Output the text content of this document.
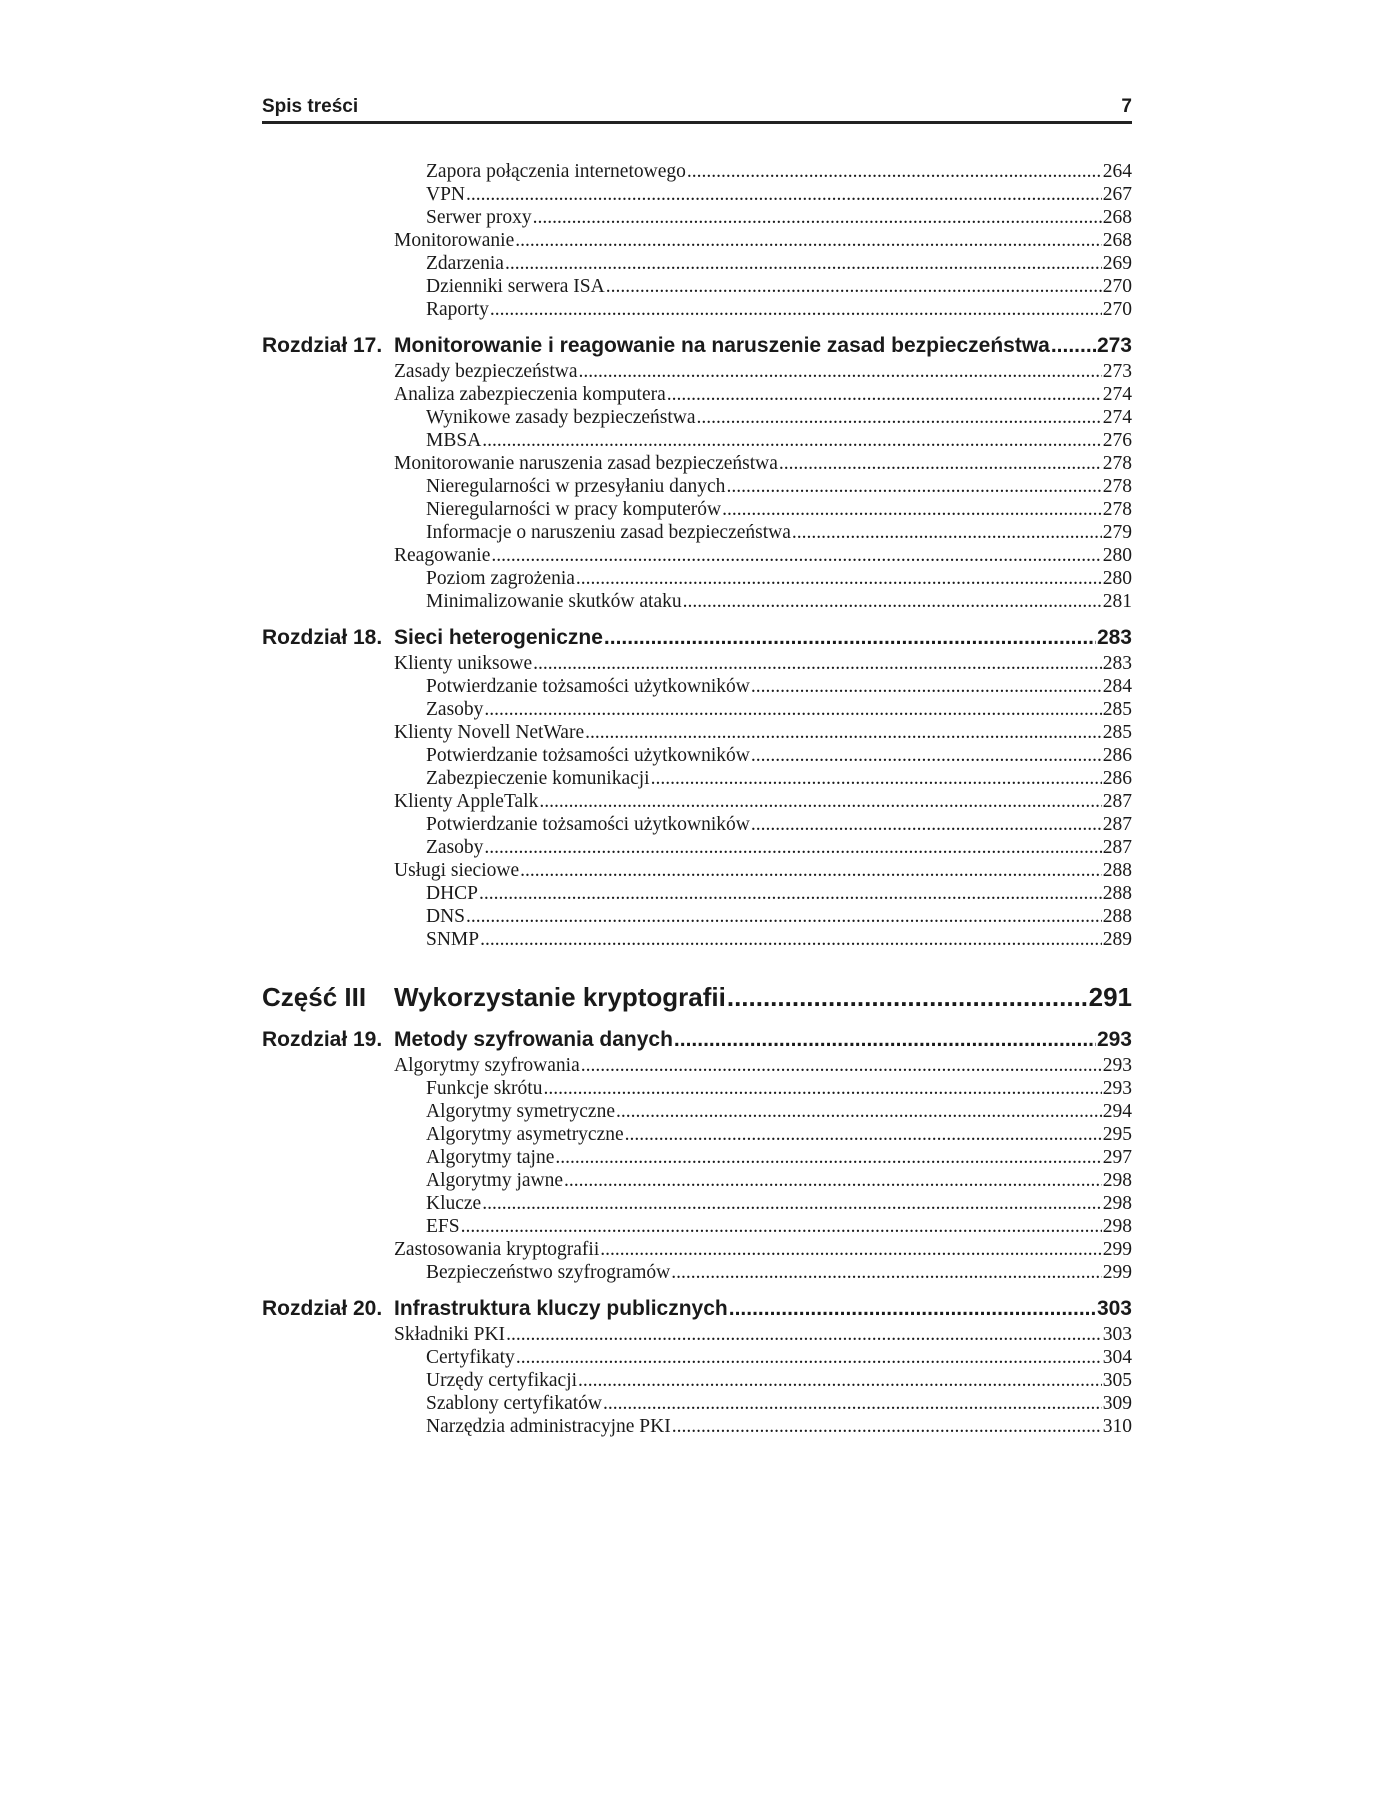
Spis treści	7
Zapora połączenia internetowego .....	264
VPN .....	267
Serwer proxy .....	268
Monitorowanie .....	268
Zdarzenia .....	269
Dzienniki serwera ISA .....	270
Raporty .....	270
Rozdział 17. Monitorowanie i reagowanie na naruszenie zasad bezpieczeństwa ..... 273
Zasady bezpieczeństwa .....	273
Analiza zabezpieczenia komputera .....	274
Wynikowe zasady bezpieczeństwa .....	274
MBSA .....	276
Monitorowanie naruszenia zasad bezpieczeństwa .....	278
Nieregularności w przesyłaniu danych .....	278
Nieregularności w pracy komputerów .....	278
Informacje o naruszeniu zasad bezpieczeństwa .....	279
Reagowanie .....	280
Poziom zagrożenia .....	280
Minimalizowanie skutków ataku .....	281
Rozdział 18. Sieci heterogeniczne .....	283
Klienty uniksowe .....	283
Potwierdzanie tożsamości użytkowników .....	284
Zasoby .....	285
Klienty Novell NetWare .....	285
Potwierdzanie tożsamości użytkowników .....	286
Zabezpieczenie komunikacji .....	286
Klienty AppleTalk .....	287
Potwierdzanie tożsamości użytkowników .....	287
Zasoby .....	287
Usługi sieciowe .....	288
DHCP .....	288
DNS .....	288
SNMP .....	289
Część III	Wykorzystanie kryptografii .....	291
Rozdział 19. Metody szyfrowania danych .....	293
Algorytmy szyfrowania .....	293
Funkcje skrótu .....	293
Algorytmy symetryczne .....	294
Algorytmy asymetryczne .....	295
Algorytmy tajne .....	297
Algorytmy jawne .....	298
Klucze .....	298
EFS .....	298
Zastosowania kryptografii .....	299
Bezpieczeństwo szyfrogramów .....	299
Rozdział 20. Infrastruktura kluczy publicznych .....	303
Składniki PKI .....	303
Certyfikaty .....	304
Urzędy certyfikacji .....	305
Szablony certyfikatów .....	309
Narzędzia administracyjne PKI .....	310
